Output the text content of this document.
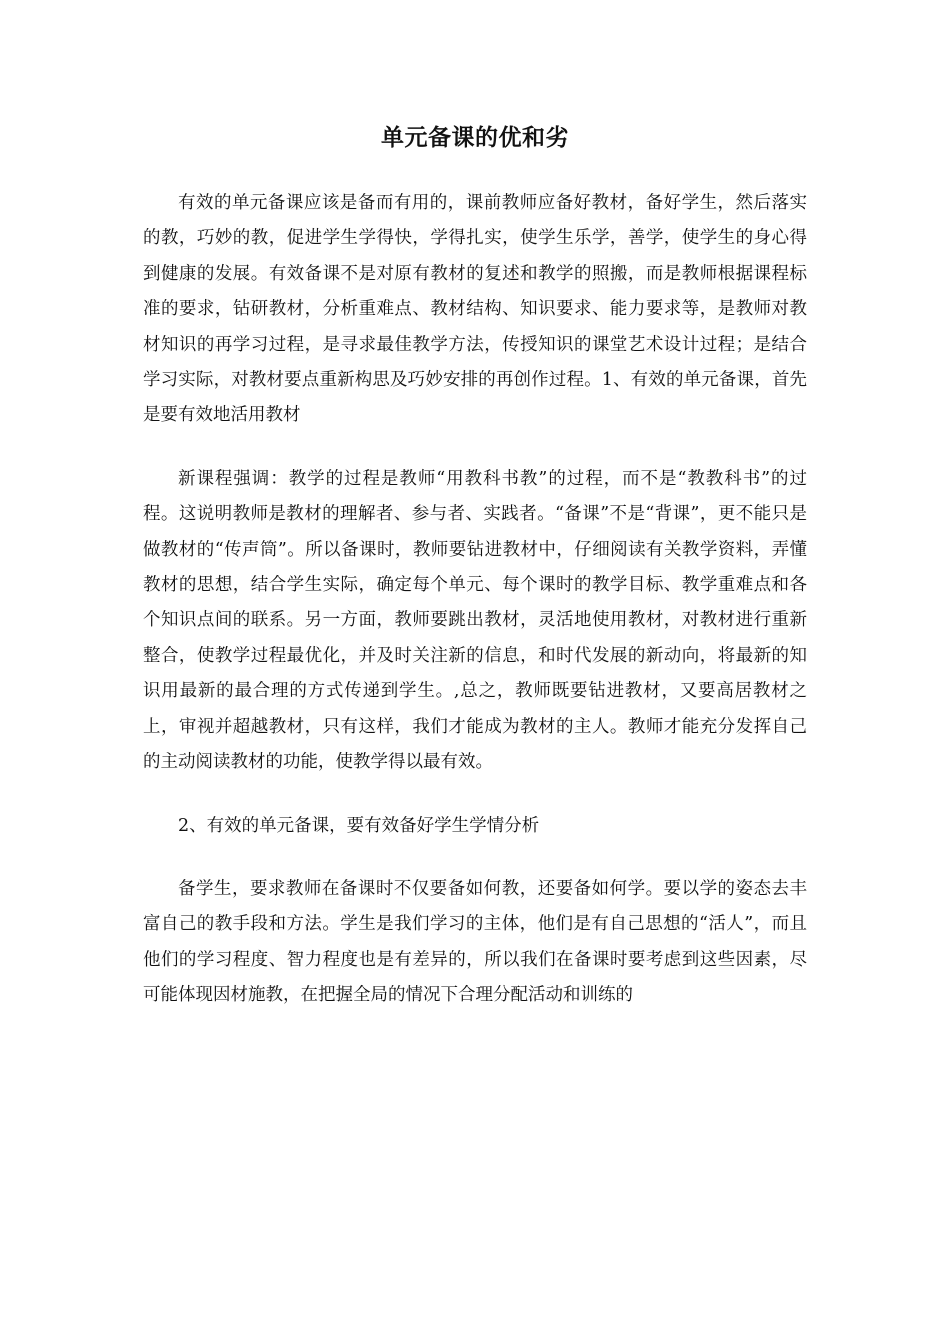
单元备课的优和劣

有效的单元备课应该是备而有用的，课前教师应备好教材，备好学生，然后落实的教，巧妙的教，促进学生学得快，学得扎实，使学生乐学，善学，使学生的身心得到健康的发展。有效备课不是对原有教材的复述和教学的照搬，而是教师根据课程标准的要求，钻研教材，分析重难点、教材结构、知识要求、能力要求等，是教师对教材知识的再学习过程，是寻求最佳教学方法，传授知识的课堂艺术设计过程；是结合学习实际，对教材要点重新构思及巧妙安排的再创作过程。1、有效的单元备课，首先是要有效地活用教材

新课程强调：教学的过程是教师“用教科书教”的过程，而不是“教教科书”的过程。这说明教师是教材的理解者、参与者、实践者。“备课”不是“背课”，更不能只是做教材的“传声筒”。所以备课时，教师要钻进教材中，仔细阅读有关教学资料，弄懂教材的思想，结合学生实际，确定每个单元、每个课时的教学目标、教学重难点和各个知识点间的联系。另一方面，教师要跳出教材，灵活地使用教材，对教材进行重新整合，使教学过程最优化，并及时关注新的信息，和时代发展的新动向，将最新的知识用最新的最合理的方式传递到学生。,总之，教师既要钻进教材，又要高居教材之上，审视并超越教材，只有这样，我们才能成为教材的主人。教师才能充分发挥自己的主动阅读教材的功能，使教学得以最有效。

2、有效的单元备课，要有效备好学生学情分析

备学生，要求教师在备课时不仅要备如何教，还要备如何学。要以学的姿态去丰富自己的教手段和方法。学生是我们学习的主体，他们是有自己思想的“活人”，而且他们的学习程度、智力程度也是有差异的，所以我们在备课时要考虑到这些因素，尽可能体现因材施教，在把握全局的情况下合理分配活动和训练的
